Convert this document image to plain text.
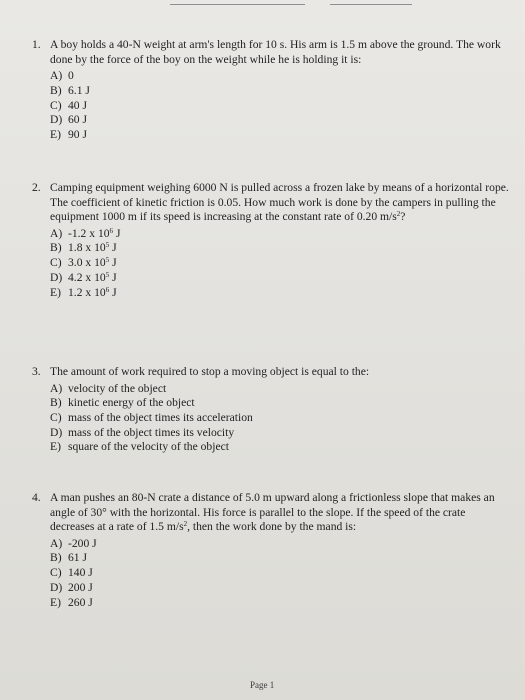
1. A boy holds a 40-N weight at arm's length for 10 s. His arm is 1.5 m above the ground. The work done by the force of the boy on the weight while he is holding it is:
A) 0
B) 6.1 J
C) 40 J
D) 60 J
E) 90 J
2. Camping equipment weighing 6000 N is pulled across a frozen lake by means of a horizontal rope. The coefficient of kinetic friction is 0.05. How much work is done by the campers in pulling the equipment 1000 m if its speed is increasing at the constant rate of 0.20 $m/s^2$?
A) -1.2 x $10^6$ J
B) 1.8 x $10^5$ J
C) 3.0 x $10^5$ J
D) 4.2 x $10^5$ J
E) 1.2 x $10^6$ J
3. The amount of work required to stop a moving object is equal to the:
A) velocity of the object
B) kinetic energy of the object
C) mass of the object times its acceleration
D) mass of the object times its velocity
E) square of the velocity of the object
4. A man pushes an 80-N crate a distance of 5.0 m upward along a frictionless slope that makes an angle of 30° with the horizontal. His force is parallel to the slope. If the speed of the crate decreases at a rate of 1.5 $m/s^2$, then the work done by the mand is:
A) -200 J
B) 61 J
C) 140 J
D) 200 J
E) 260 J
Page 1
